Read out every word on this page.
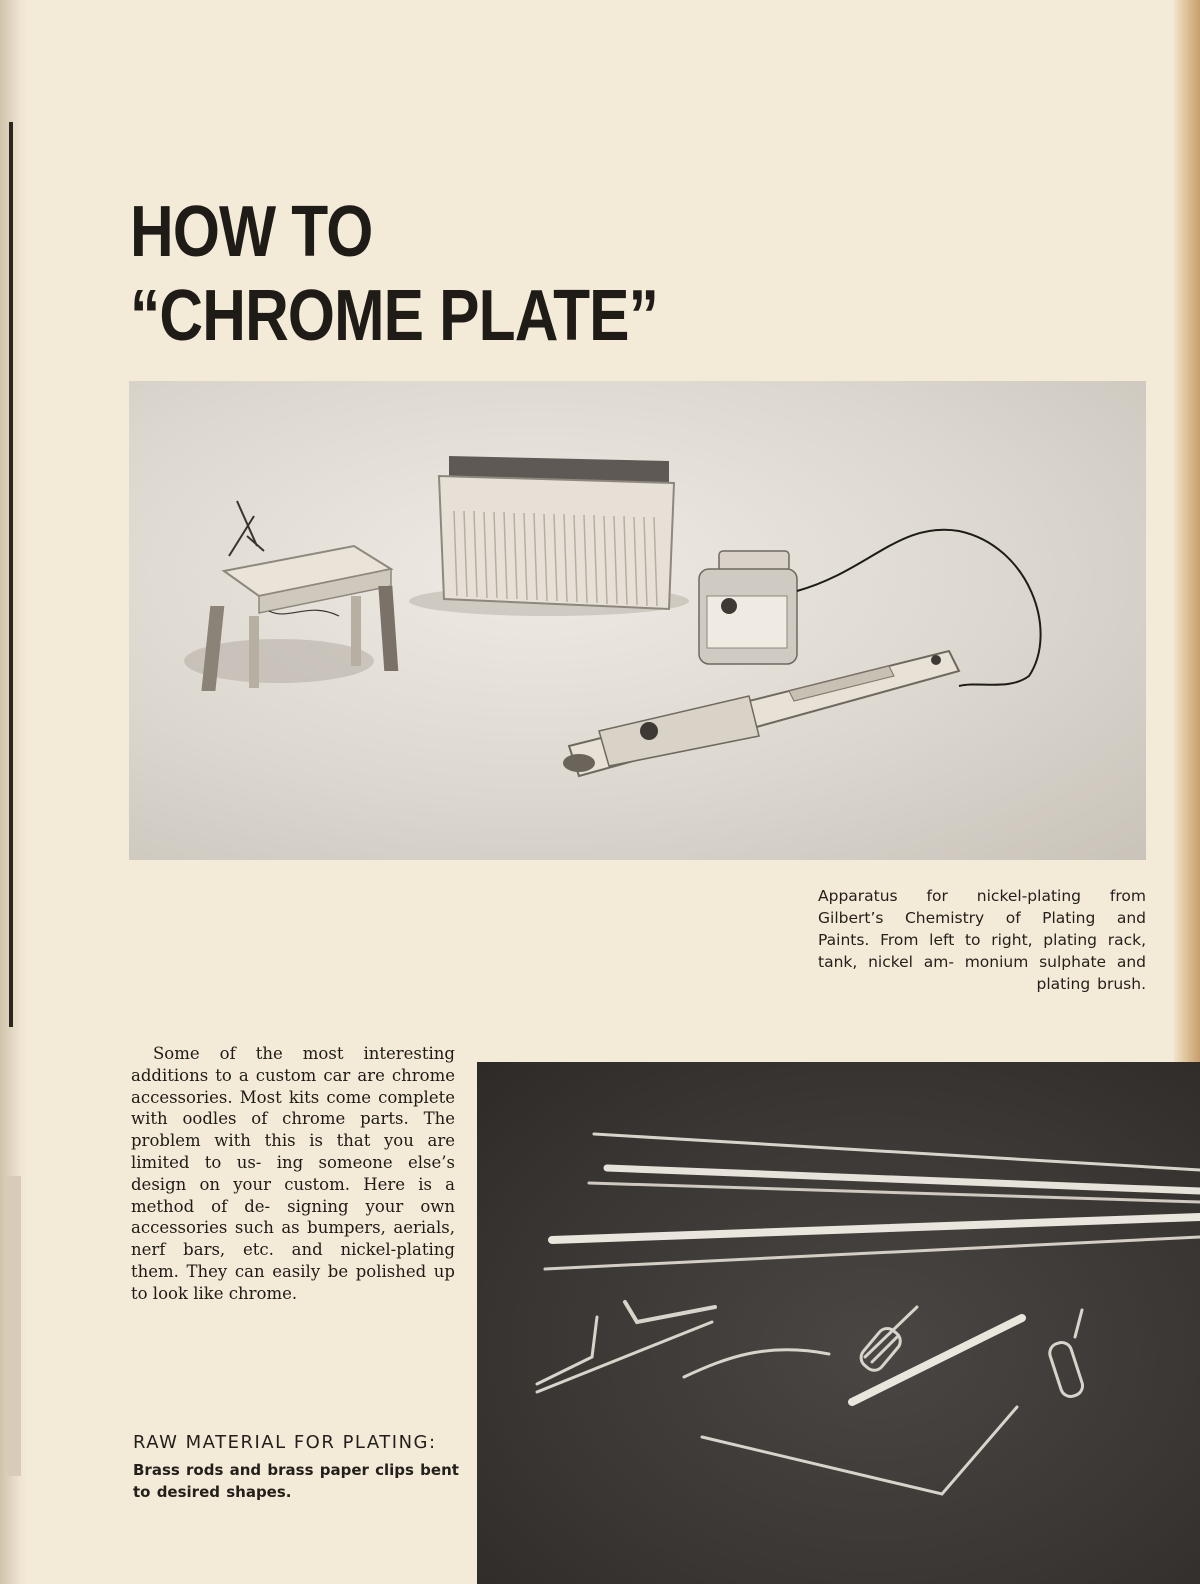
HOW TO
“CHROME PLATE”

Apparatus for nickel-plating from Gilbert’s Chemistry of Plating and Paints. From left to right, plating rack, tank, nickel am- monium sulphate and plating brush.

Some of the most interesting additions to a custom car are chrome accessories. Most kits come complete with oodles of chrome parts. The problem with this is that you are limited to us- ing someone else’s design on your custom. Here is a method of de- signing your own accessories such as bumpers, aerials, nerf bars, etc. and nickel-plating them. They can easily be polished up to look like chrome.

RAW MATERIAL FOR PLATING:

Brass rods and brass paper clips bent to desired shapes.
